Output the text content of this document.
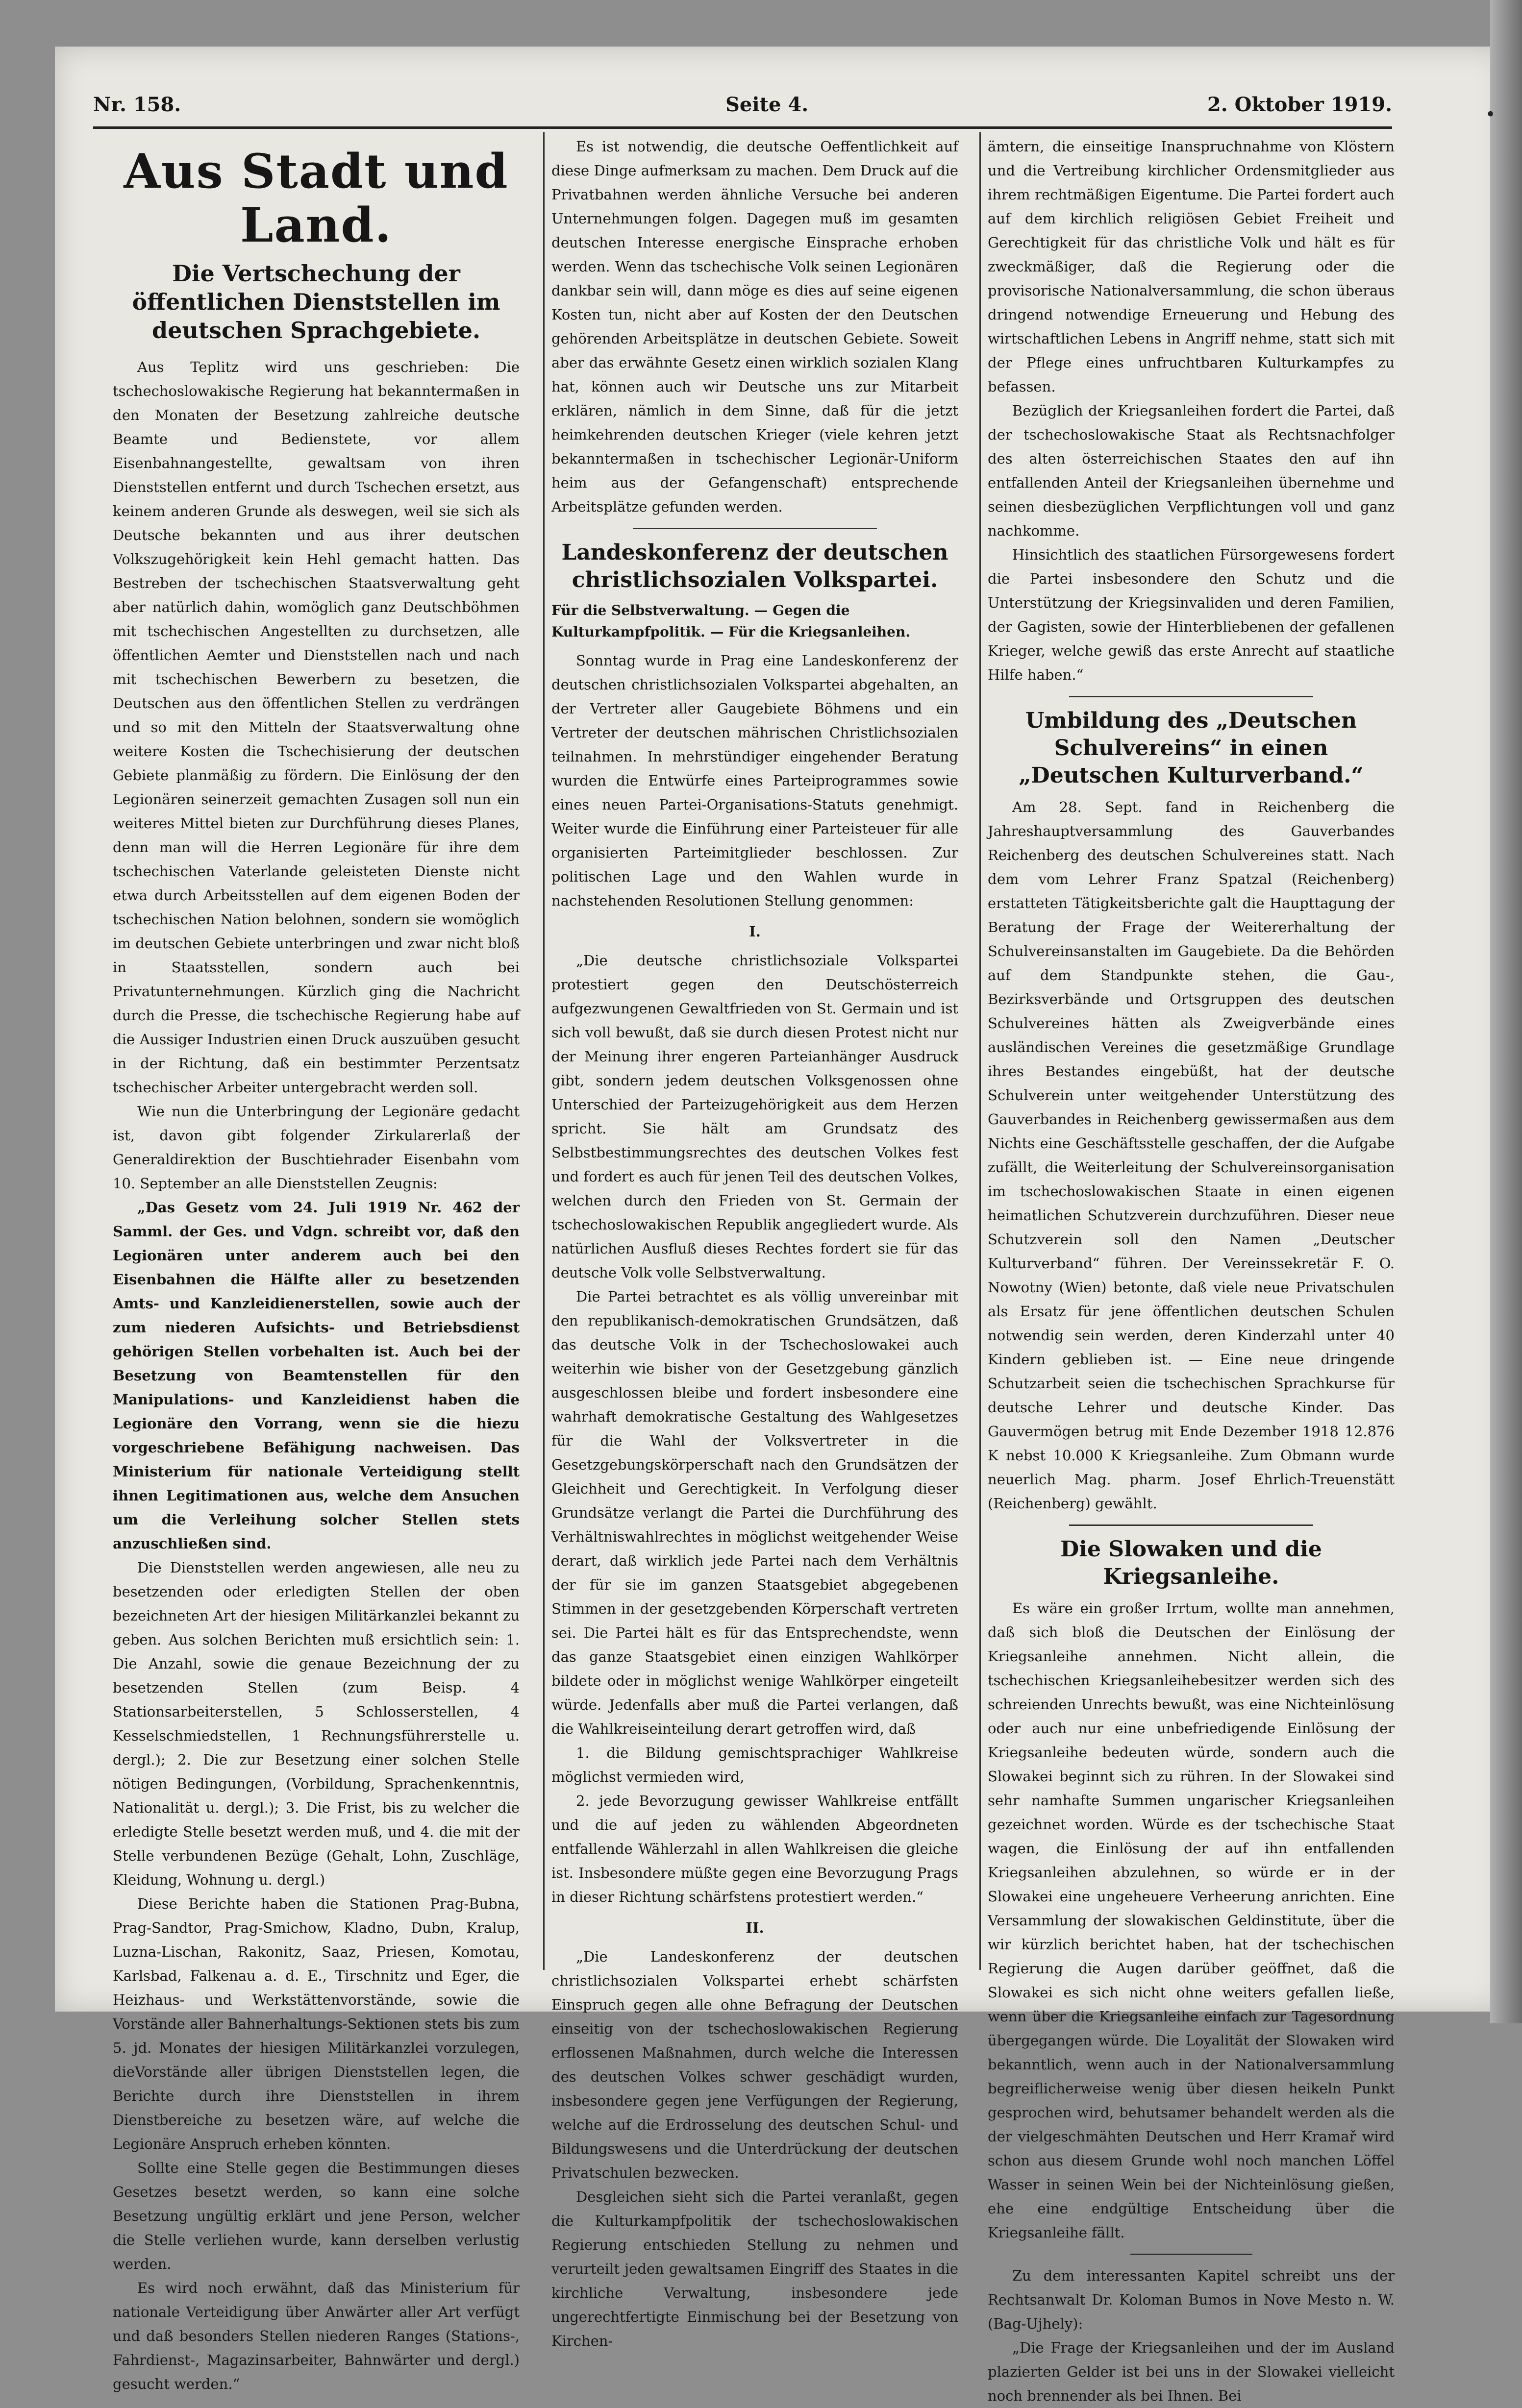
•
Nr. 158.	Seite 4.	2. Oktober 1919.
Aus Stadt und Land.
Die Vertschechung der öffentlichen Dienststellen im deutschen Sprachgebiete.

Aus Teplitz wird uns geschrieben: Die tschechoslowakische Regierung hat bekanntermaßen in den Monaten der Besetzung zahlreiche deutsche Beamte und Bedienstete, vor allem Eisenbahnangestellte, gewaltsam von ihren Dienststellen entfernt und durch Tschechen ersetzt, aus keinem anderen Grunde als deswegen, weil sie sich als Deutsche bekannten und aus ihrer deutschen Volkszugehörigkeit kein Hehl gemacht hatten. Das Bestreben der tschechischen Staatsverwaltung geht aber natürlich dahin, womöglich ganz Deutschböhmen mit tschechischen Angestellten zu durchsetzen, alle öffentlichen Aemter und Dienststellen nach und nach mit tschechischen Bewerbern zu besetzen, die Deutschen aus den öffentlichen Stellen zu verdrängen und so mit den Mitteln der Staatsverwaltung ohne weitere Kosten die Tschechisierung der deutschen Gebiete planmäßig zu fördern. Die Einlösung der den Legionären seinerzeit gemachten Zusagen soll nun ein weiteres Mittel bieten zur Durchführung dieses Planes, denn man will die Herren Legionäre für ihre dem tschechischen Vaterlande geleisteten Dienste nicht etwa durch Arbeitsstellen auf dem eigenen Boden der tschechischen Nation belohnen, sondern sie womöglich im deutschen Gebiete unterbringen und zwar nicht bloß in Staatsstellen, sondern auch bei Privatunternehmungen. Kürzlich ging die Nachricht durch die Presse, die tschechische Regierung habe auf die Aussiger Industrien einen Druck auszuüben gesucht in der Richtung, daß ein bestimmter Perzentsatz tschechischer Arbeiter untergebracht werden soll.

Wie nun die Unterbringung der Legionäre gedacht ist, davon gibt folgender Zirkularerlaß der Generaldirektion der Buschtiehrader Eisenbahn vom 10. September an alle Dienststellen Zeugnis:

„Das Gesetz vom 24. Juli 1919 Nr. 462 der Samml. der Ges. und Vdgn. schreibt vor, daß den Legionären unter anderem auch bei den Eisenbahnen die Hälfte aller zu besetzenden Amts- und Kanzleidienerstellen, sowie auch der zum niederen Aufsichts- und Betriebsdienst gehörigen Stellen vorbehalten ist. Auch bei der Besetzung von Beamtenstellen für den Manipulations- und Kanzleidienst haben die Legionäre den Vorrang, wenn sie die hiezu vorgeschriebene Befähigung nachweisen. Das Ministerium für nationale Verteidigung stellt ihnen Legitimationen aus, welche dem Ansuchen um die Verleihung solcher Stellen stets anzuschließen sind.

Die Dienststellen werden angewiesen, alle neu zu besetzenden oder erledigten Stellen der oben bezeichneten Art der hiesigen Militärkanzlei bekannt zu geben. Aus solchen Berichten muß ersichtlich sein: 1. Die Anzahl, sowie die genaue Bezeichnung der zu besetzenden Stellen (zum Beisp. 4 Stationsarbeiterstellen, 5 Schlosserstellen, 4 Kesselschmiedstellen, 1 Rechnungsführerstelle u. dergl.); 2. Die zur Besetzung einer solchen Stelle nötigen Bedingungen, (Vorbildung, Sprachenkenntnis, Nationalität u. dergl.); 3. Die Frist, bis zu welcher die erledigte Stelle besetzt werden muß, und 4. die mit der Stelle verbundenen Bezüge (Gehalt, Lohn, Zuschläge, Kleidung, Wohnung u. dergl.)

Diese Berichte haben die Stationen Prag-Bubna, Prag-Sandtor, Prag-Smichow, Kladno, Dubn, Kralup, Luzna-Lischan, Rakonitz, Saaz, Priesen, Komotau, Karlsbad, Falkenau a. d. E., Tirschnitz und Eger, die Heizhaus- und Werkstättenvorstände, sowie die Vorstände aller Bahnerhaltungs-Sektionen stets bis zum 5. jd. Monates der hiesigen Militärkanzlei vorzulegen, dieVorstände aller übrigen Dienststellen legen, die Berichte durch ihre Dienststellen in ihrem Dienstbereiche zu besetzen wäre, auf welche die Legionäre Anspruch erheben könnten.

Sollte eine Stelle gegen die Bestimmungen dieses Gesetzes besetzt werden, so kann eine solche Besetzung ungültig erklärt und jene Person, welcher die Stelle verliehen wurde, kann derselben verlustig werden.

Es wird noch erwähnt, daß das Ministerium für nationale Verteidigung über Anwärter aller Art verfügt und daß besonders Stellen niederen Ranges (Stations-, Fahrdienst-, Magazinsarbeiter, Bahnwärter und dergl.) gesucht werden.“

Es ist notwendig, die deutsche Oeffentlichkeit auf diese Dinge aufmerksam zu machen. Dem Druck auf die Privatbahnen werden ähnliche Versuche bei anderen Unternehmungen folgen. Dagegen muß im gesamten deutschen Interesse energische Einsprache erhoben werden. Wenn das tschechische Volk seinen Legionären dankbar sein will, dann möge es dies auf seine eigenen Kosten tun, nicht aber auf Kosten der den Deutschen gehörenden Arbeitsplätze in deutschen Gebiete. Soweit aber das erwähnte Gesetz einen wirklich sozialen Klang hat, können auch wir Deutsche uns zur Mitarbeit erklären, nämlich in dem Sinne, daß für die jetzt heimkehrenden deutschen Krieger (viele kehren jetzt bekanntermaßen in tschechischer Legionär-Uniform heim aus der Gefangenschaft) entsprechende Arbeitsplätze gefunden werden.

Landeskonferenz der deutschen christlichsozialen Volkspartei.
Für die Selbstverwaltung. — Gegen die Kulturkampfpolitik. — Für die Kriegsanleihen.

Sonntag wurde in Prag eine Landeskonferenz der deutschen christlichsozialen Volkspartei abgehalten, an der Vertreter aller Gaugebiete Böhmens und ein Vertreter der deutschen mährischen Christlichsozialen teilnahmen. In mehrstündiger eingehender Beratung wurden die Entwürfe eines Parteiprogrammes sowie eines neuen Partei-Organisations-Statuts genehmigt. Weiter wurde die Einführung einer Parteisteuer für alle organisierten Parteimitglieder beschlossen. Zur politischen Lage und den Wahlen wurde in nachstehenden Resolutionen Stellung genommen:

I.

„Die deutsche christlichsoziale Volkspartei protestiert gegen den Deutschösterreich aufgezwungenen Gewaltfrieden von St. Germain und ist sich voll bewußt, daß sie durch diesen Protest nicht nur der Meinung ihrer engeren Parteianhänger Ausdruck gibt, sondern jedem deutschen Volksgenossen ohne Unterschied der Parteizugehörigkeit aus dem Herzen spricht. Sie hält am Grundsatz des Selbstbestimmungsrechtes des deutschen Volkes fest und fordert es auch für jenen Teil des deutschen Volkes, welchen durch den Frieden von St. Germain der tschechoslowakischen Republik angegliedert wurde. Als natürlichen Ausfluß dieses Rechtes fordert sie für das deutsche Volk volle Selbstverwaltung.

Die Partei betrachtet es als völlig unvereinbar mit den republikanisch-demokratischen Grundsätzen, daß das deutsche Volk in der Tschechoslowakei auch weiterhin wie bisher von der Gesetzgebung gänzlich ausgeschlossen bleibe und fordert insbesondere eine wahrhaft demokratische Gestaltung des Wahlgesetzes für die Wahl der Volksvertreter in die Gesetzgebungskörperschaft nach den Grundsätzen der Gleichheit und Gerechtigkeit. In Verfolgung dieser Grundsätze verlangt die Partei die Durchführung des Verhältniswahlrechtes in möglichst weitgehender Weise derart, daß wirklich jede Partei nach dem Verhältnis der für sie im ganzen Staatsgebiet abgegebenen Stimmen in der gesetzgebenden Körperschaft vertreten sei. Die Partei hält es für das Entsprechendste, wenn das ganze Staatsgebiet einen einzigen Wahlkörper bildete oder in möglichst wenige Wahlkörper eingeteilt würde. Jedenfalls aber muß die Partei verlangen, daß die Wahlkreiseinteilung derart getroffen wird, daß

1. die Bildung gemischtsprachiger Wahlkreise möglichst vermieden wird,

2. jede Bevorzugung gewisser Wahlkreise entfällt und die auf jeden zu wählenden Abgeordneten entfallende Wählerzahl in allen Wahlkreisen die gleiche ist. Insbesondere müßte gegen eine Bevorzugung Prags in dieser Richtung schärfstens protestiert werden.“

II.

„Die Landeskonferenz der deutschen christlichsozialen Volkspartei erhebt schärfsten Einspruch gegen alle ohne Befragung der Deutschen einseitig von der tschechoslowakischen Regierung erflossenen Maßnahmen, durch welche die Interessen des deutschen Volkes schwer geschädigt wurden, insbesondere gegen jene Verfügungen der Regierung, welche auf die Erdrosselung des deutschen Schul- und Bildungswesens und die Unterdrückung der deutschen Privatschulen bezwecken.

Desgleichen sieht sich die Partei veranlaßt, gegen die Kulturkampfpolitik der tschechoslowakischen Regierung entschieden Stellung zu nehmen und verurteilt jeden gewaltsamen Eingriff des Staates in die kirchliche Verwaltung, insbesondere jede ungerechtfertigte Einmischung bei der Besetzung von Kirchen-

ämtern, die einseitige Inanspruchnahme von Klöstern und die Vertreibung kirchlicher Ordensmitglieder aus ihrem rechtmäßigen Eigentume. Die Partei fordert auch auf dem kirchlich religiösen Gebiet Freiheit und Gerechtigkeit für das christliche Volk und hält es für zweckmäßiger, daß die Regierung oder die provisorische Nationalversammlung, die schon überaus dringend notwendige Erneuerung und Hebung des wirtschaftlichen Lebens in Angriff nehme, statt sich mit der Pflege eines unfruchtbaren Kulturkampfes zu befassen.

Bezüglich der Kriegsanleihen fordert die Partei, daß der tschechoslowakische Staat als Rechtsnachfolger des alten österreichischen Staates den auf ihn entfallenden Anteil der Kriegsanleihen übernehme und seinen diesbezüglichen Verpflichtungen voll und ganz nachkomme.

Hinsichtlich des staatlichen Fürsorgewesens fordert die Partei insbesondere den Schutz und die Unterstützung der Kriegsinvaliden und deren Familien, der Gagisten, sowie der Hinterbliebenen der gefallenen Krieger, welche gewiß das erste Anrecht auf staatliche Hilfe haben.“

Umbildung des „Deutschen Schulvereins“ in einen „Deutschen Kulturverband.“

Am 28. Sept. fand in Reichenberg die Jahreshauptversammlung des Gauverbandes Reichenberg des deutschen Schulvereines statt. Nach dem vom Lehrer Franz Spatzal (Reichenberg) erstatteten Tätigkeitsberichte galt die Haupttagung der Beratung der Frage der Weitererhaltung der Schulvereinsanstalten im Gaugebiete. Da die Behörden auf dem Standpunkte stehen, die Gau-, Bezirksverbände und Ortsgruppen des deutschen Schulvereines hätten als Zweigverbände eines ausländischen Vereines die gesetzmäßige Grundlage ihres Bestandes eingebüßt, hat der deutsche Schulverein unter weitgehender Unterstützung des Gauverbandes in Reichenberg gewissermaßen aus dem Nichts eine Geschäftsstelle geschaffen, der die Aufgabe zufällt, die Weiterleitung der Schulvereinsorganisation im tschechoslowakischen Staate in einen eigenen heimatlichen Schutzverein durchzuführen. Dieser neue Schutzverein soll den Namen „Deutscher Kulturverband“ führen. Der Vereinssekretär F. O. Nowotny (Wien) betonte, daß viele neue Privatschulen als Ersatz für jene öffentlichen deutschen Schulen notwendig sein werden, deren Kinderzahl unter 40 Kindern geblieben ist. — Eine neue dringende Schutzarbeit seien die tschechischen Sprachkurse für deutsche Lehrer und deutsche Kinder. Das Gauvermögen betrug mit Ende Dezember 1918 12.876 K nebst 10.000 K Kriegsanleihe. Zum Obmann wurde neuerlich Mag. pharm. Josef Ehrlich-Treuenstätt (Reichenberg) gewählt.

Die Slowaken und die Kriegsanleihe.

Es wäre ein großer Irrtum, wollte man annehmen, daß sich bloß die Deutschen der Einlösung der Kriegsanleihe annehmen. Nicht allein, die tschechischen Kriegsanleihebesitzer werden sich des schreienden Unrechts bewußt, was eine Nichteinlösung oder auch nur eine unbefriedigende Einlösung der Kriegsanleihe bedeuten würde, sondern auch die Slowakei beginnt sich zu rühren. In der Slowakei sind sehr namhafte Summen ungarischer Kriegsanleihen gezeichnet worden. Würde es der tschechische Staat wagen, die Einlösung der auf ihn entfallenden Kriegsanleihen abzulehnen, so würde er in der Slowakei eine ungeheuere Verheerung anrichten. Eine Versammlung der slowakischen Geldinstitute, über die wir kürzlich berichtet haben, hat der tschechischen Regierung die Augen darüber geöffnet, daß die Slowakei es sich nicht ohne weiters gefallen ließe, wenn über die Kriegsanleihe einfach zur Tagesordnung übergegangen würde. Die Loyalität der Slowaken wird bekanntlich, wenn auch in der Nationalversammlung begreiflicherweise wenig über diesen heikeln Punkt gesprochen wird, behutsamer behandelt werden als die der vielgeschmähten Deutschen und Herr Kramař wird schon aus diesem Grunde wohl noch manchen Löffel Wasser in seinen Wein bei der Nichteinlösung gießen, ehe eine endgültige Entscheidung über die Kriegsanleihe fällt.

Zu dem interessanten Kapitel schreibt uns der Rechtsanwalt Dr. Koloman Bumos in Nove Mesto n. W. (Bag-Ujhely):

„Die Frage der Kriegsanleihen und der im Ausland plazierten Gelder ist bei uns in der Slowakei vielleicht noch brennender als bei Ihnen. Bei
